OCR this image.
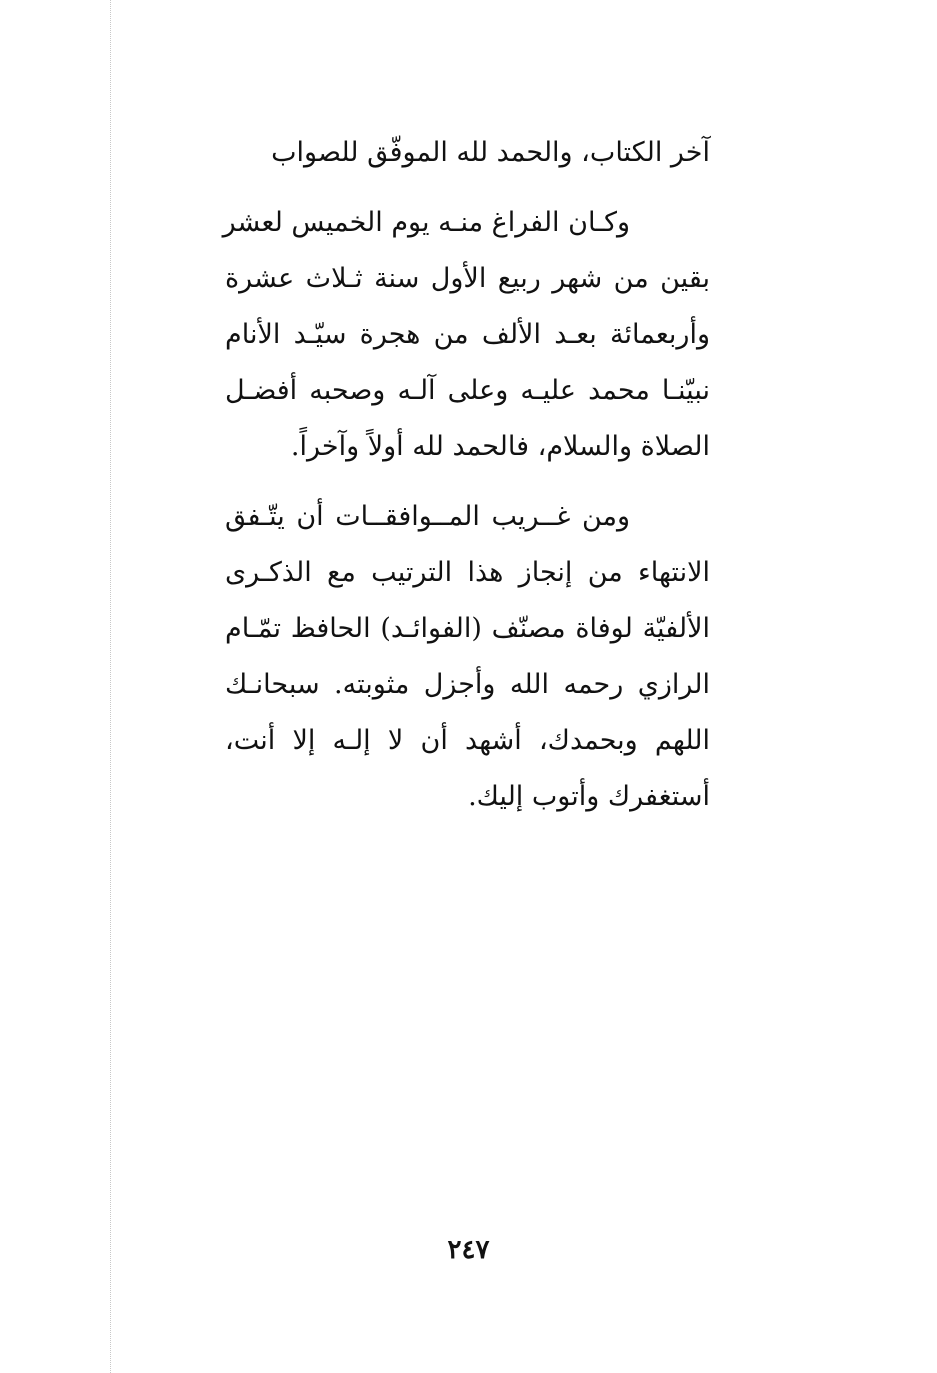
آخر الكتاب، والحمد لله الموفّق للصواب
وكـان الفراغ منـه يوم الخميس لعشر
بقين من شهر ربيع الأول سنة ثـلاث عشرة
وأربعمائة بعـد الألف من هجرة سيّـد الأنام
نبيّنـا محمد عليـه وعلى آلـه وصحبه أفضـل
الصلاة والسلام، فالحمد لله أولاً وآخراً.
ومن غــريب المــوافقــات أن يتّـفق
الانتهاء من إنجاز هذا الترتيب مع الذكـرى
الألفيّة لوفاة مصنّف (الفوائـد) الحافظ تمّـام
الرازي رحمه الله وأجزل مثوبته. سبحانـك
اللهم وبحمدك، أشهد أن لا إلـه إلا أنت،
أستغفرك وأتوب إليك.
٢٤٧
